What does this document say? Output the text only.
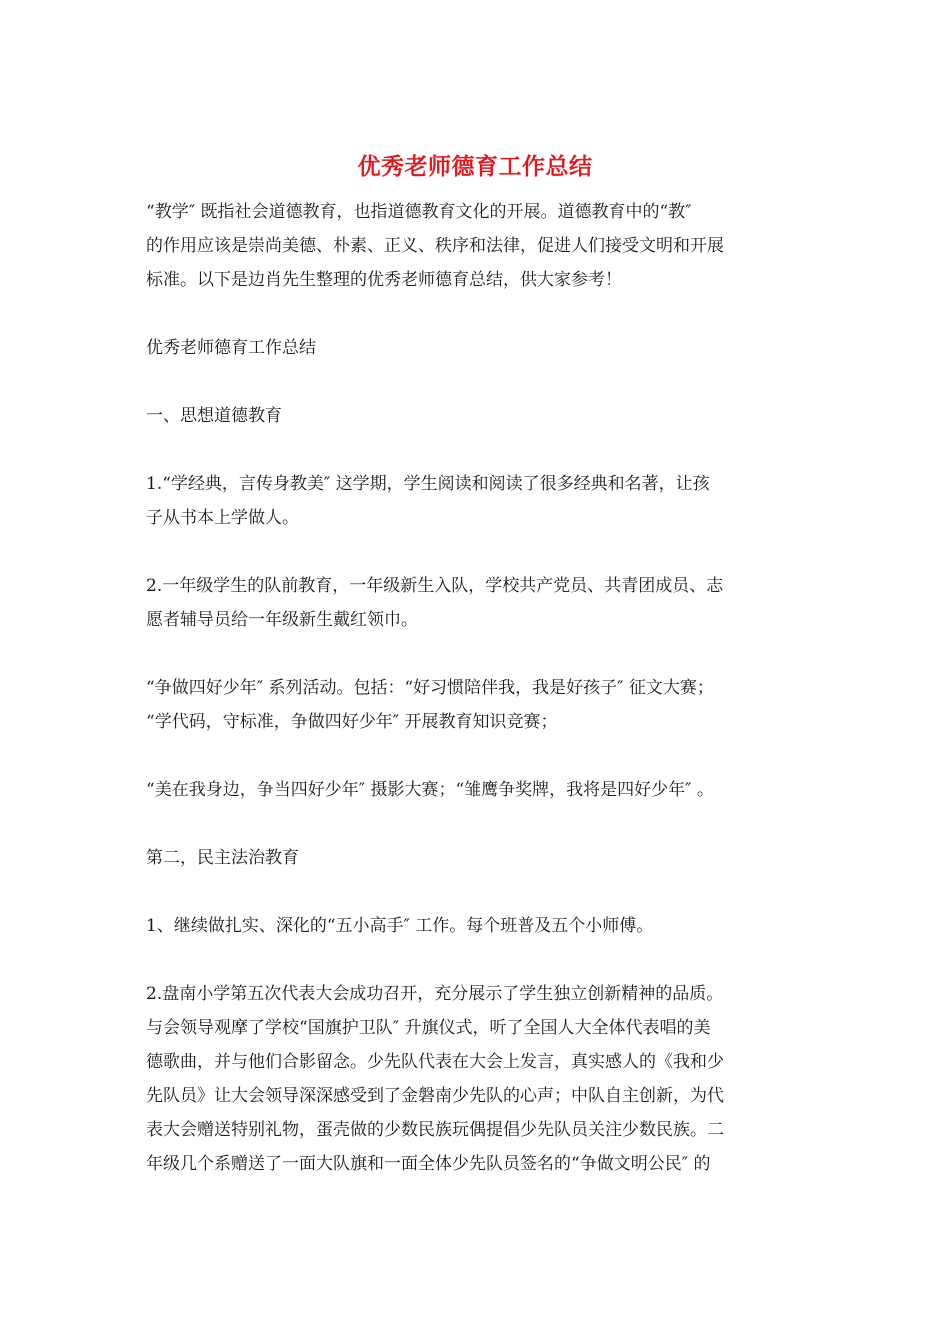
优秀老师德育工作总结

“教学″ 既指社会道德教育，也指道德教育文化的开展。道德教育中的“教″

的作用应该是崇尚美德、朴素、正义、秩序和法律，促进人们接受文明和开展

标准。以下是边肖先生整理的优秀老师德育总结，供大家参考！

优秀老师德育工作总结

一、思想道德教育

1.“学经典，言传身教美″ 这学期，学生阅读和阅读了很多经典和名著，让孩

子从书本上学做人。

2.一年级学生的队前教育，一年级新生入队，学校共产党员、共青团成员、志

愿者辅导员给一年级新生戴红领巾。

“争做四好少年″ 系列活动。包括：“好习惯陪伴我，我是好孩子″ 征文大赛；

“学代码，守标准，争做四好少年″ 开展教育知识竞赛；

“美在我身边，争当四好少年″ 摄影大赛；“雏鹰争奖牌，我将是四好少年″ 。

第二，民主法治教育

1、继续做扎实、深化的“五小高手″ 工作。每个班普及五个小师傅。

2.盘南小学第五次代表大会成功召开，充分展示了学生独立创新精神的品质。

与会领导观摩了学校“国旗护卫队″ 升旗仪式，听了全国人大全体代表唱的美

德歌曲，并与他们合影留念。少先队代表在大会上发言，真实感人的《我和少

先队员》让大会领导深深感受到了金磐南少先队的心声；中队自主创新，为代

表大会赠送特别礼物，蛋壳做的少数民族玩偶提倡少先队员关注少数民族。二

年级几个系赠送了一面大队旗和一面全体少先队员签名的“争做文明公民″ 的
